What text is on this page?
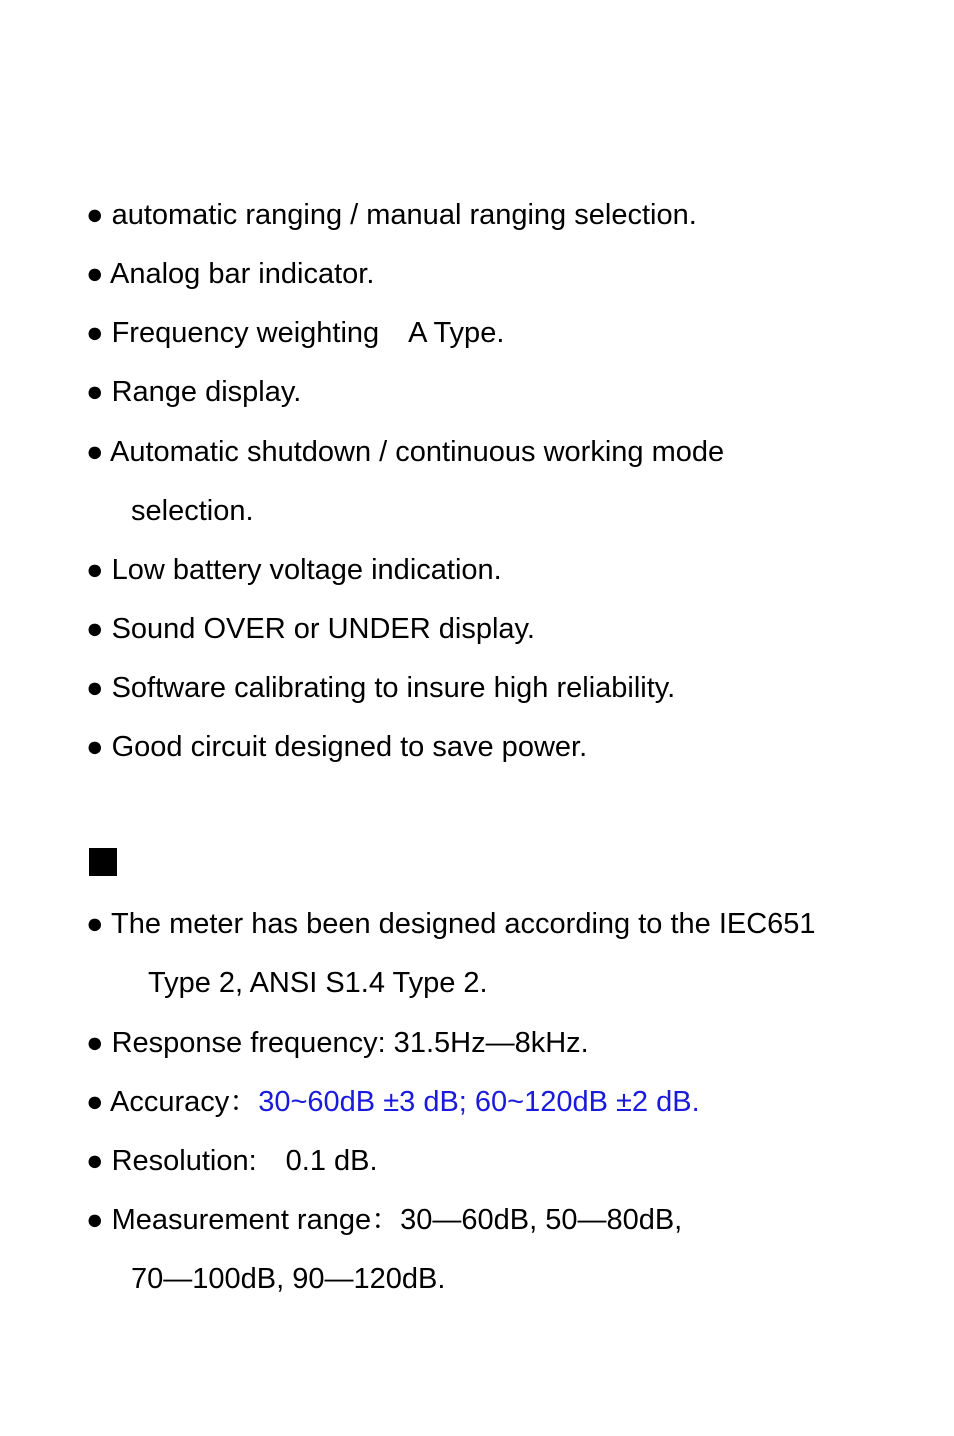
● automatic ranging / manual ranging selection.
● Analog bar indicator.
● Frequency weighting　A Type.
● Range display.
● Automatic shutdown / continuous working mode
selection.
● Low battery voltage indication.
● Sound OVER or UNDER display.
● Software calibrating to insure high reliability.
● Good circuit designed to save power.
● The meter has been designed according to the IEC651
Type 2, ANSI S1.4 Type 2.
● Response frequency: 31.5Hz—8kHz.
● Accuracy：30~60dB ±3 dB; 60~120dB ±2 dB.
● Resolution:　0.1 dB.
● Measurement range：30—60dB, 50—80dB,
70—100dB, 90—120dB.
